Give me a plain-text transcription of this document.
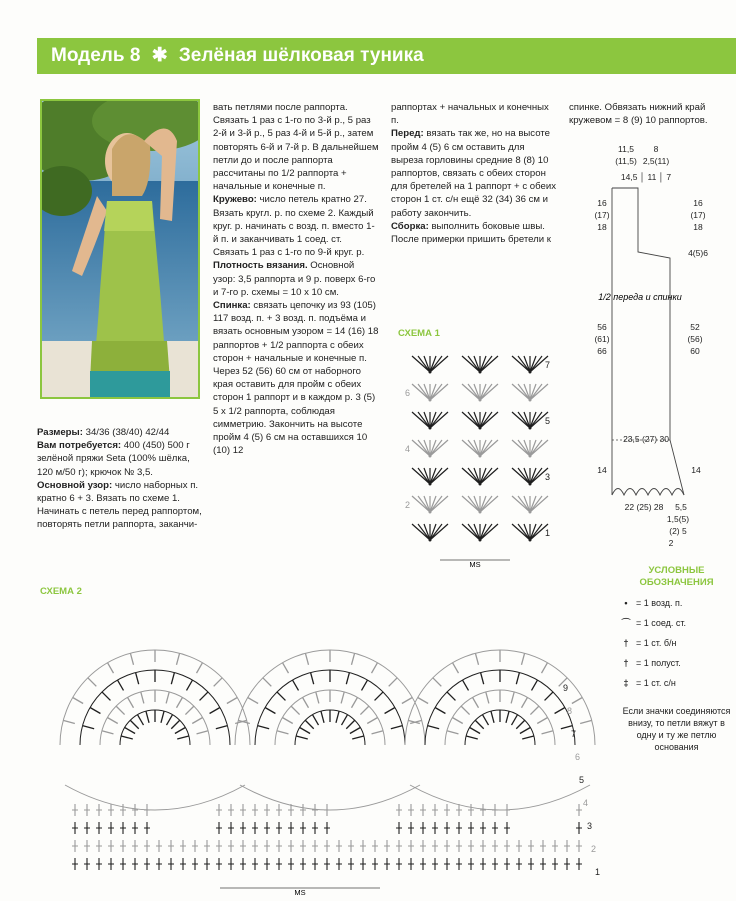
Модель 8 ✱ Зелёная шёлковая туника

Размеры: 34/36 (38/40) 42/44

Вам потребуется: 400 (450) 500 г зелёной пряжи Seta (100% шёлка, 120 м/50 г); крючок № 3,5.

Основной узор: число наборных п. кратно 6 + 3. Вязать по схеме 1. Начинать с петель перед раппортом, повторять петли раппорта, заканчи-

вать петлями после раппорта. Связать 1 раз с 1-го по 3-й р., 5 раз 2-й и 3-й р., 5 раз 4-й и 5-й р., затем повторять 6-й и 7-й р. В дальнейшем петли до и после раппорта рассчитаны по 1/2 раппорта + начальные и конечные п.

Кружево: число петель кратно 27. Вязать кругл. р. по схеме 2. Каждый круг. р. начинать с возд. п. вместо 1-й п. и заканчивать 1 соед. ст. Связать 1 раз с 1-го по 9-й круг. р.

Плотность вязания. Основной узор: 3,5 раппорта и 9 р. поверх 6-го и 7-го р. схемы = 10 х 10 см.

Спинка: связать цепочку из 93 (105) 117 возд. п. + 3 возд. п. подъёма и вязать основным узором = 14 (16) 18 раппортов + 1/2 раппорта с обеих сторон + начальные и конечные п. Через 52 (56) 60 см от наборного края оставить для пройм с обеих сторон 1 раппорт и в каждом р. 3 (5) 5 х 1/2 раппорта, соблюдая симметрию. Закончить на высоте пройм 4 (5) 6 см на оставшихся 10 (10) 12

раппортах + начальных и конечных п.

Перед: вязать так же, но на высоте пройм 4 (5) 6 см оставить для выреза горловины средние 8 (8) 10 раппортов, связать с обеих сторон для бретелей на 1 раппорт + с обеих сторон 1 ст. с/н ещё 32 (34) 36 см и работу закончить.

Сборка: выполнить боковые швы. После примерки пришить бретели к

спинке. Обвязать нижний край кружевом = 8 (9) 10 раппортов.
11,5
(11,5)
8
2,5(11)
14,5 │ 11 │ 7
16
(17)
18
16
(17)
18
4(5)6
56
(61)
66
52
(56)
60
23,5 (27) 30
14	14
22 (25) 28 5,5
1,5(5)
(2) 5
2
1/2 переда и спинки
СХЕМА 1
1
2
3
4
5
6
7
MS
СХЕМА 2
1
2
3
4
5
6
7
8
9
MS
УСЛОВНЫЕ ОБОЗНАЧЕНИЯ
• = 1 возд. п.
⌒ = 1 соед. ст.
† = 1 ст. б/н
† = 1 полуст.
‡ = 1 ст. с/н
Если значки соединяются внизу, то петли вяжут в одну и ту же петлю основания
